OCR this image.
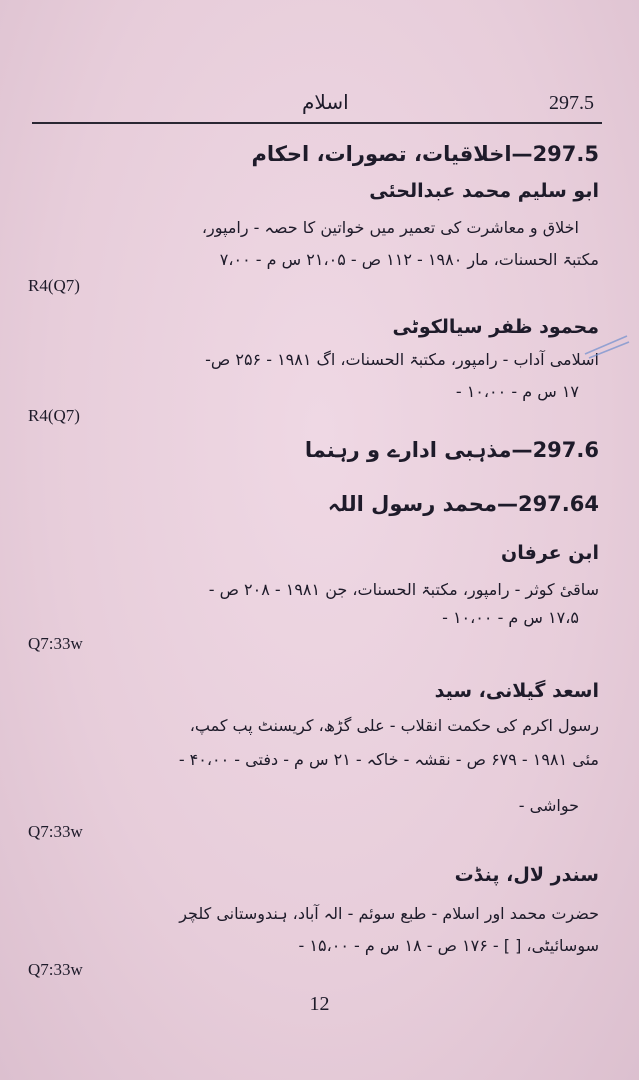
اسلام	297.5
297.5—اخلاقیات، تصورات، احکام
ابو سلیم محمد عبدالحئی
اخلاق و معاشرت کی تعمیر میں خواتین کا حصہ - رامپور،
مکتبۃ الحسنات، مار ۱۹۸۰ - ۱۱۲ ص - ۲۱،۰۵ س م - ۷،۰۰
R4(Q7)
محمود ظفر سیالکوٹی
اسلامی آداب - رامپور، مکتبۃ الحسنات، اگ ۱۹۸۱ - ۲۵۶ ص-
۱۷ س م - ۱۰،۰۰ -
R4(Q7)
297.6—مذہبی ادارے و رہنما
297.64—محمد رسول اللہ
ابن عرفان
ساقیٔ کوثر - رامپور، مکتبۃ الحسنات، جن ۱۹۸۱ - ۲۰۸ ص -
۱۷،۵ س م - ۱۰،۰۰ -
Q7:33w
اسعد گیلانی، سید
رسول اکرم کی حکمت انقلاب - علی گڑھ، کریسنٹ پب کمپ،
مئی ۱۹۸۱ - ۶۷۹ ص - نقشہ - خاکہ - ۲۱ س م - دفتی - ۴۰،۰۰ -
حواشی -
Q7:33w
سندر لال، پنڈت
حضرت محمد اور اسلام - طبع سوئم - الہ آباد، ہندوستانی کلچر
سوسائیٹی، [ ] - ۱۷۶ ص - ۱۸ س م - ۱۵،۰۰ -
Q7:33w
12
